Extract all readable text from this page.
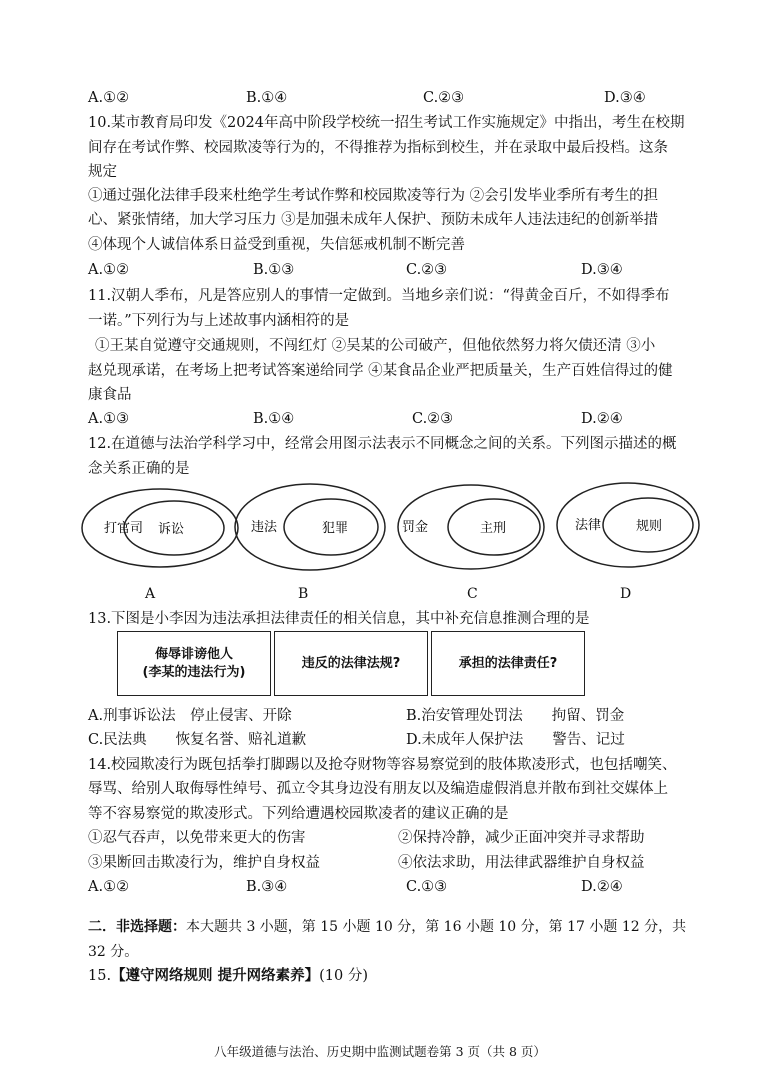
A.①②	B.①④	C.②③	D.③④
10.某市教育局印发《2024年高中阶段学校统一招生考试工作实施规定》中指出，考生在校期
间存在考试作弊、校园欺凌等行为的，不得推荐为指标到校生，并在录取中最后投档。这条
规定
①通过强化法律手段来杜绝学生考试作弊和校园欺凌等行为 ②会引发毕业季所有考生的担
心、紧张情绪，加大学习压力 ③是加强未成年人保护、预防未成年人违法违纪的创新举措
④体现个人诚信体系日益受到重视，失信惩戒机制不断完善
A.①②	B.①③	C.②③	D.③④
11.汉朝人季布，凡是答应别人的事情一定做到。当地乡亲们说：“得黄金百斤，不如得季布
一诺。”下列行为与上述故事内涵相符的是
①王某自觉遵守交通规则，不闯红灯 ②吴某的公司破产，但他依然努力将欠债还清 ③小
赵兑现承诺，在考场上把考试答案递给同学 ④某食品企业严把质量关，生产百姓信得过的健
康食品
A.①③	B.①④	C.②③	D.②④
12.在道德与法治学科学习中，经常会用图示法表示不同概念之间的关系。下列图示描述的概
念关系正确的是
打官司 诉讼	违法	犯罪	罚金	主刑	法律	规则
A	B	C	D
13.下图是小李因为违法承担法律责任的相关信息，其中补充信息推测合理的是
侮辱诽谤他人
(李某的违法行为)
违反的法律法规?	承担的法律责任?
A.刑事诉讼法　停止侵害、开除	B.治安管理处罚法　　拘留、罚金
C.民法典　　恢复名誉、赔礼道歉	D.未成年人保护法　　警告、记过
14.校园欺凌行为既包括拳打脚踢以及抢夺财物等容易察觉到的肢体欺凌形式，也包括嘲笑、
辱骂、给别人取侮辱性绰号、孤立令其身边没有朋友以及编造虚假消息并散布到社交媒体上
等不容易察觉的欺凌形式。下列给遭遇校园欺凌者的建议正确的是
①忍气吞声，以免带来更大的伤害	②保持冷静，减少正面冲突并寻求帮助
③果断回击欺凌行为，维护自身权益	④依法求助，用法律武器维护自身权益
A.①②	B.③④	C.①③	D.②④
二．非选择题：本大题共 3 小题，第 15 小题 10 分，第 16 小题 10 分，第 17 小题 12 分，共
32 分。
15.【遵守网络规则 提升网络素养】(10 分)
八年级道德与法治、历史期中监测试题卷第 3 页（共 8 页）
